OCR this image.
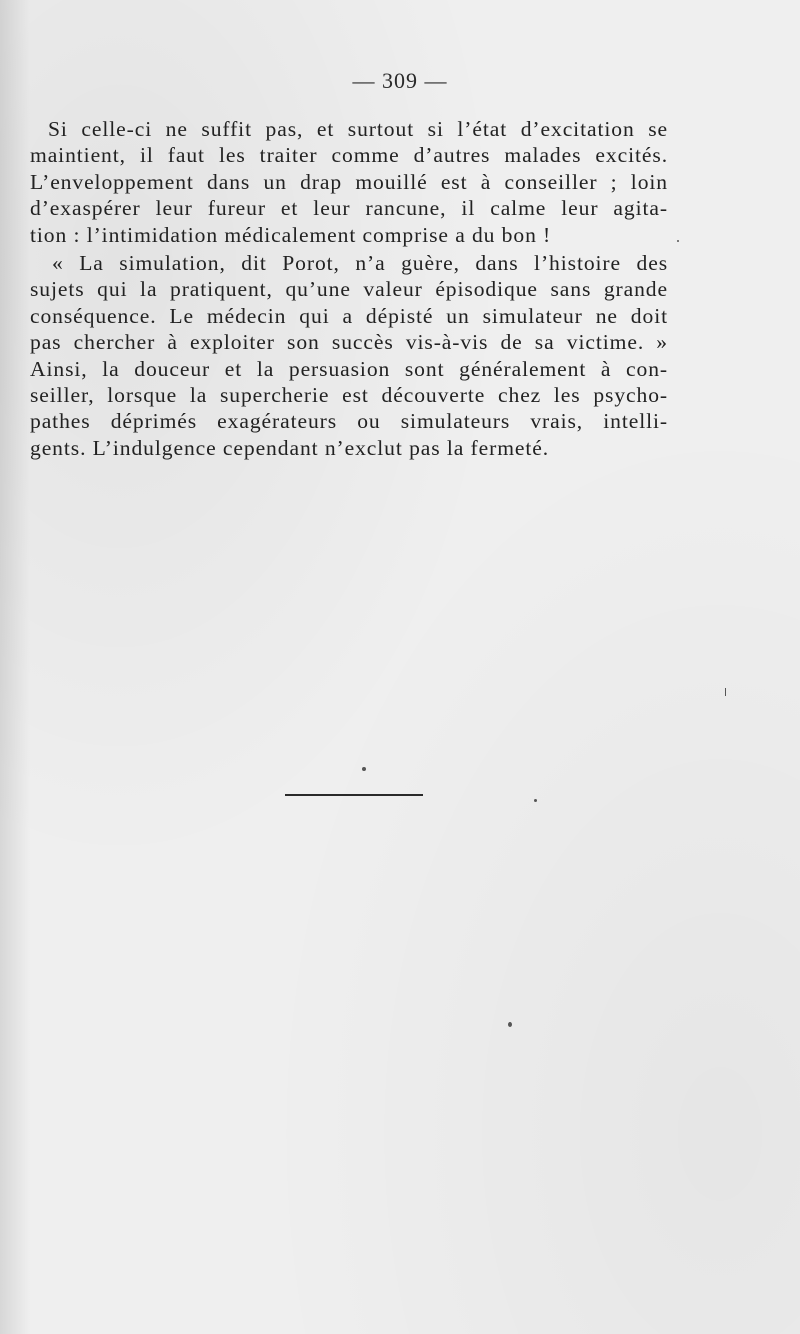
— 309 —
Si celle-ci ne suffit pas, et surtout si l’état d’excitation se
maintient, il faut les traiter comme d’autres malades excités.
L’enveloppement dans un drap mouillé est à conseiller ; loin
d’exaspérer leur fureur et leur rancune, il calme leur agita-
tion : l’intimidation médicalement comprise a du bon !
« La simulation, dit Porot, n’a guère, dans l’histoire des
sujets qui la pratiquent, qu’une valeur épisodique sans grande
conséquence. Le médecin qui a dépisté un simulateur ne doit
pas chercher à exploiter son succès vis-à-vis de sa victime. »
Ainsi, la douceur et la persuasion sont généralement à con-
seiller, lorsque la supercherie est découverte chez les psycho-
pathes déprimés exagérateurs ou simulateurs vrais, intelli-
gents. L’indulgence cependant n’exclut pas la fermeté.
